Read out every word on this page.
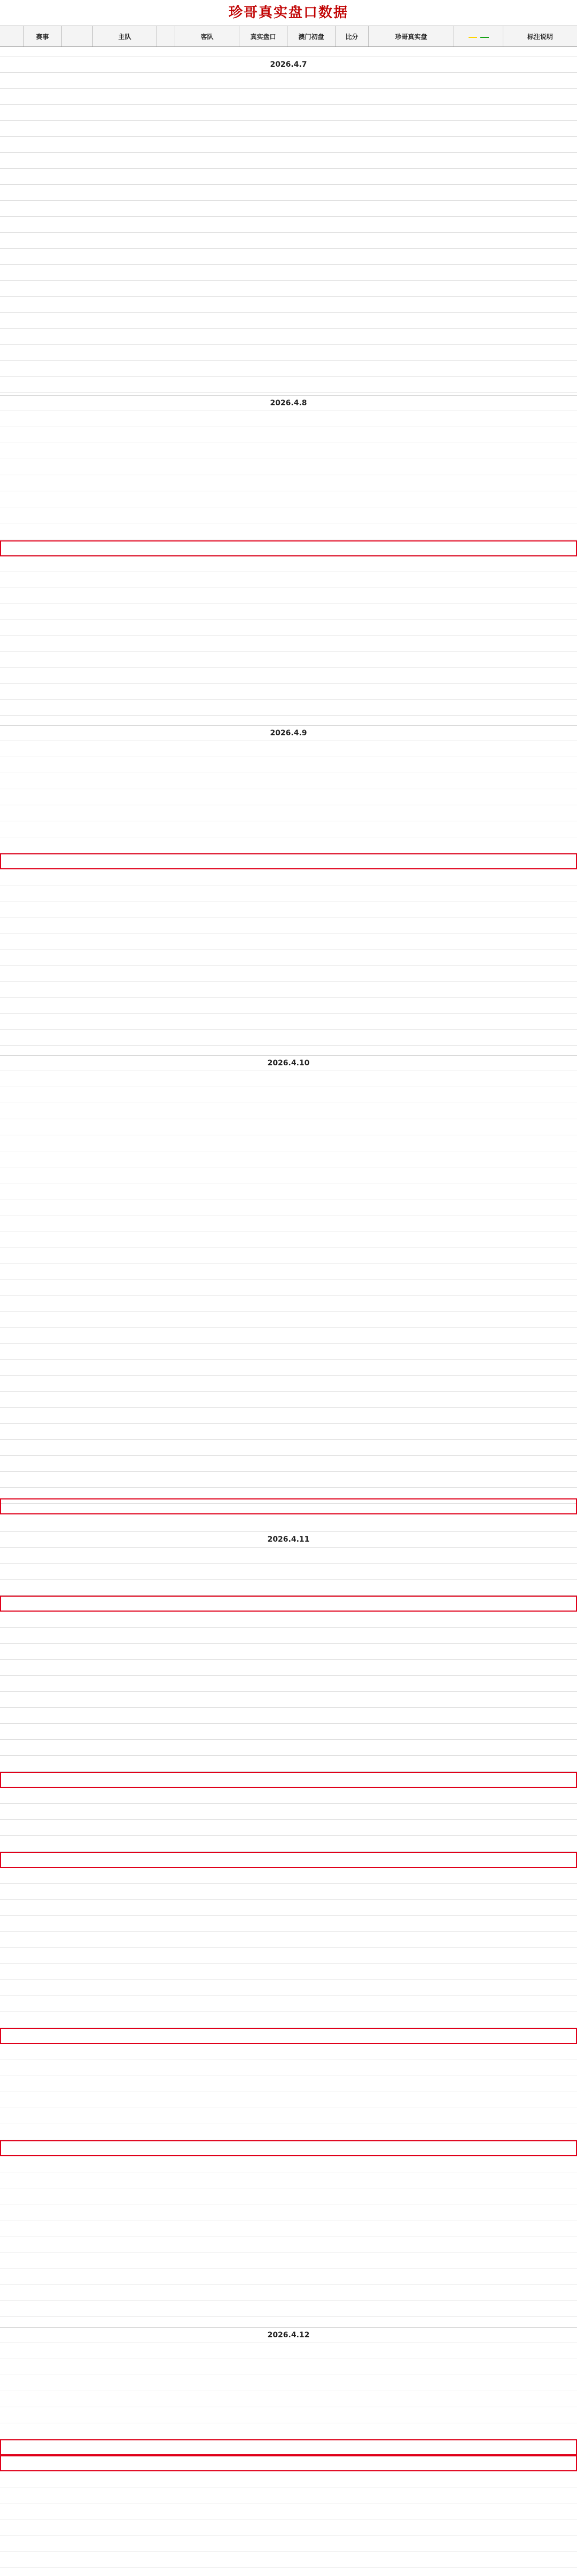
珍哥真实盘口数据
赛事	主队	客队	真实盘口	澳门初盘	比分	珍哥真实盘	标注说明
2026.4.7
2026.4.8
2026.4.9
2026.4.10
2026.4.11
2026.4.12
